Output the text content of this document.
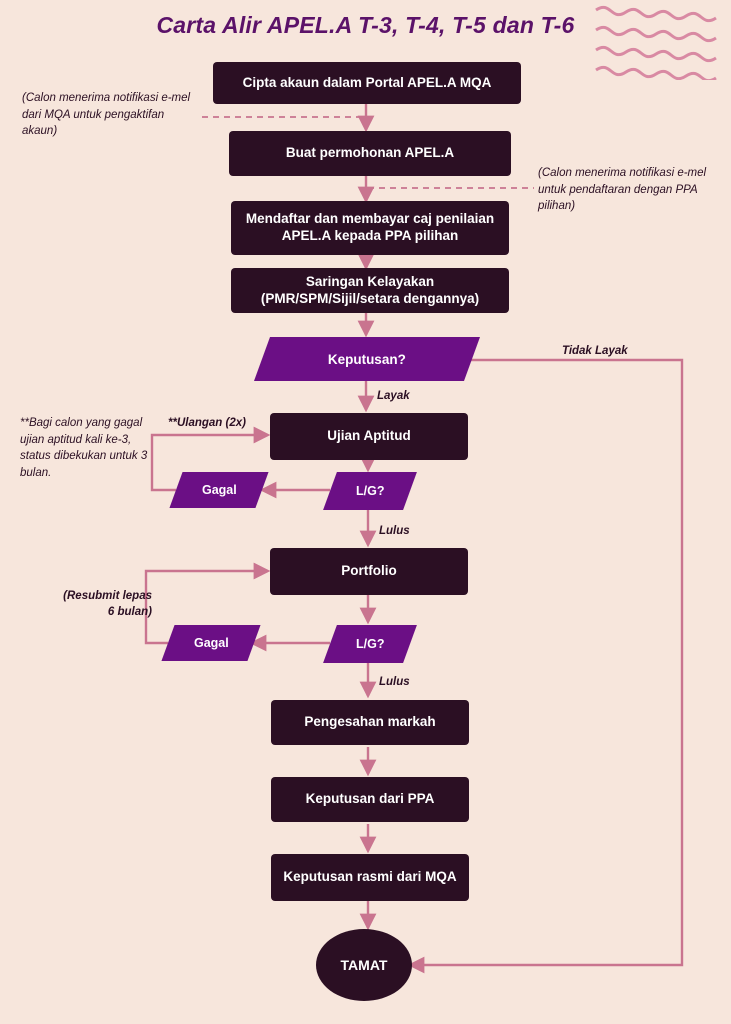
Carta Alir APEL.A T-3, T-4, T-5 dan T-6
Cipta akaun dalam Portal APEL.A MQA
Buat permohonan APEL.A
Mendaftar dan membayar caj penilaian APEL.A kepada PPA pilihan
Saringan Kelayakan (PMR/SPM/Sijil/setara dengannya)
Keputusan?
Ujian Aptitud
L/G?
Gagal
Portfolio
L/G?
Gagal
Pengesahan markah
Keputusan dari PPA
Keputusan rasmi dari MQA
TAMAT
Layak
Tidak Layak
**Ulangan (2x)
Lulus
(Resubmit lepas 6 bulan)
Lulus
(Calon menerima notifikasi e-mel dari MQA untuk pengaktifan akaun)
(Calon menerima notifikasi e-mel untuk pendaftaran dengan PPA pilihan)
**Bagi calon yang gagal ujian aptitud kali ke-3, status dibekukan untuk 3 bulan.
